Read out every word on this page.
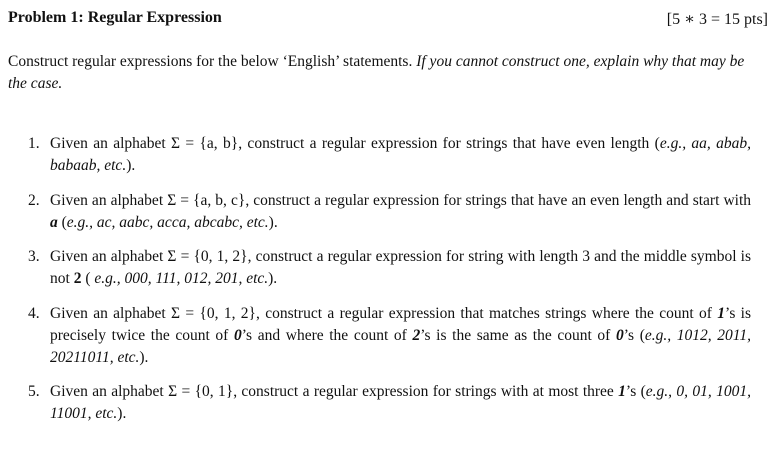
Problem 1: Regular Expression	[5 ∗ 3 = 15 pts]
Construct regular expressions for the below ‘English’ statements. If you cannot construct one, explain why that may be the case.
1. Given an alphabet Σ = {a, b}, construct a regular expression for strings that have even length (e.g., aa, abab, babaab, etc.).
2. Given an alphabet Σ = {a, b, c}, construct a regular expression for strings that have an even length and start with a (e.g., ac, aabc, acca, abcabc, etc.).
3. Given an alphabet Σ = {0, 1, 2}, construct a regular expression for string with length 3 and the middle symbol is not 2 ( e.g., 000, 111, 012, 201, etc.).
4. Given an alphabet Σ = {0, 1, 2}, construct a regular expression that matches strings where the count of 1’s is precisely twice the count of 0’s and where the count of 2’s is the same as the count of 0’s (e.g., 1012, 2011, 20211011, etc.).
5. Given an alphabet Σ = {0, 1}, construct a regular expression for strings with at most three 1’s (e.g., 0, 01, 1001, 11001, etc.).
